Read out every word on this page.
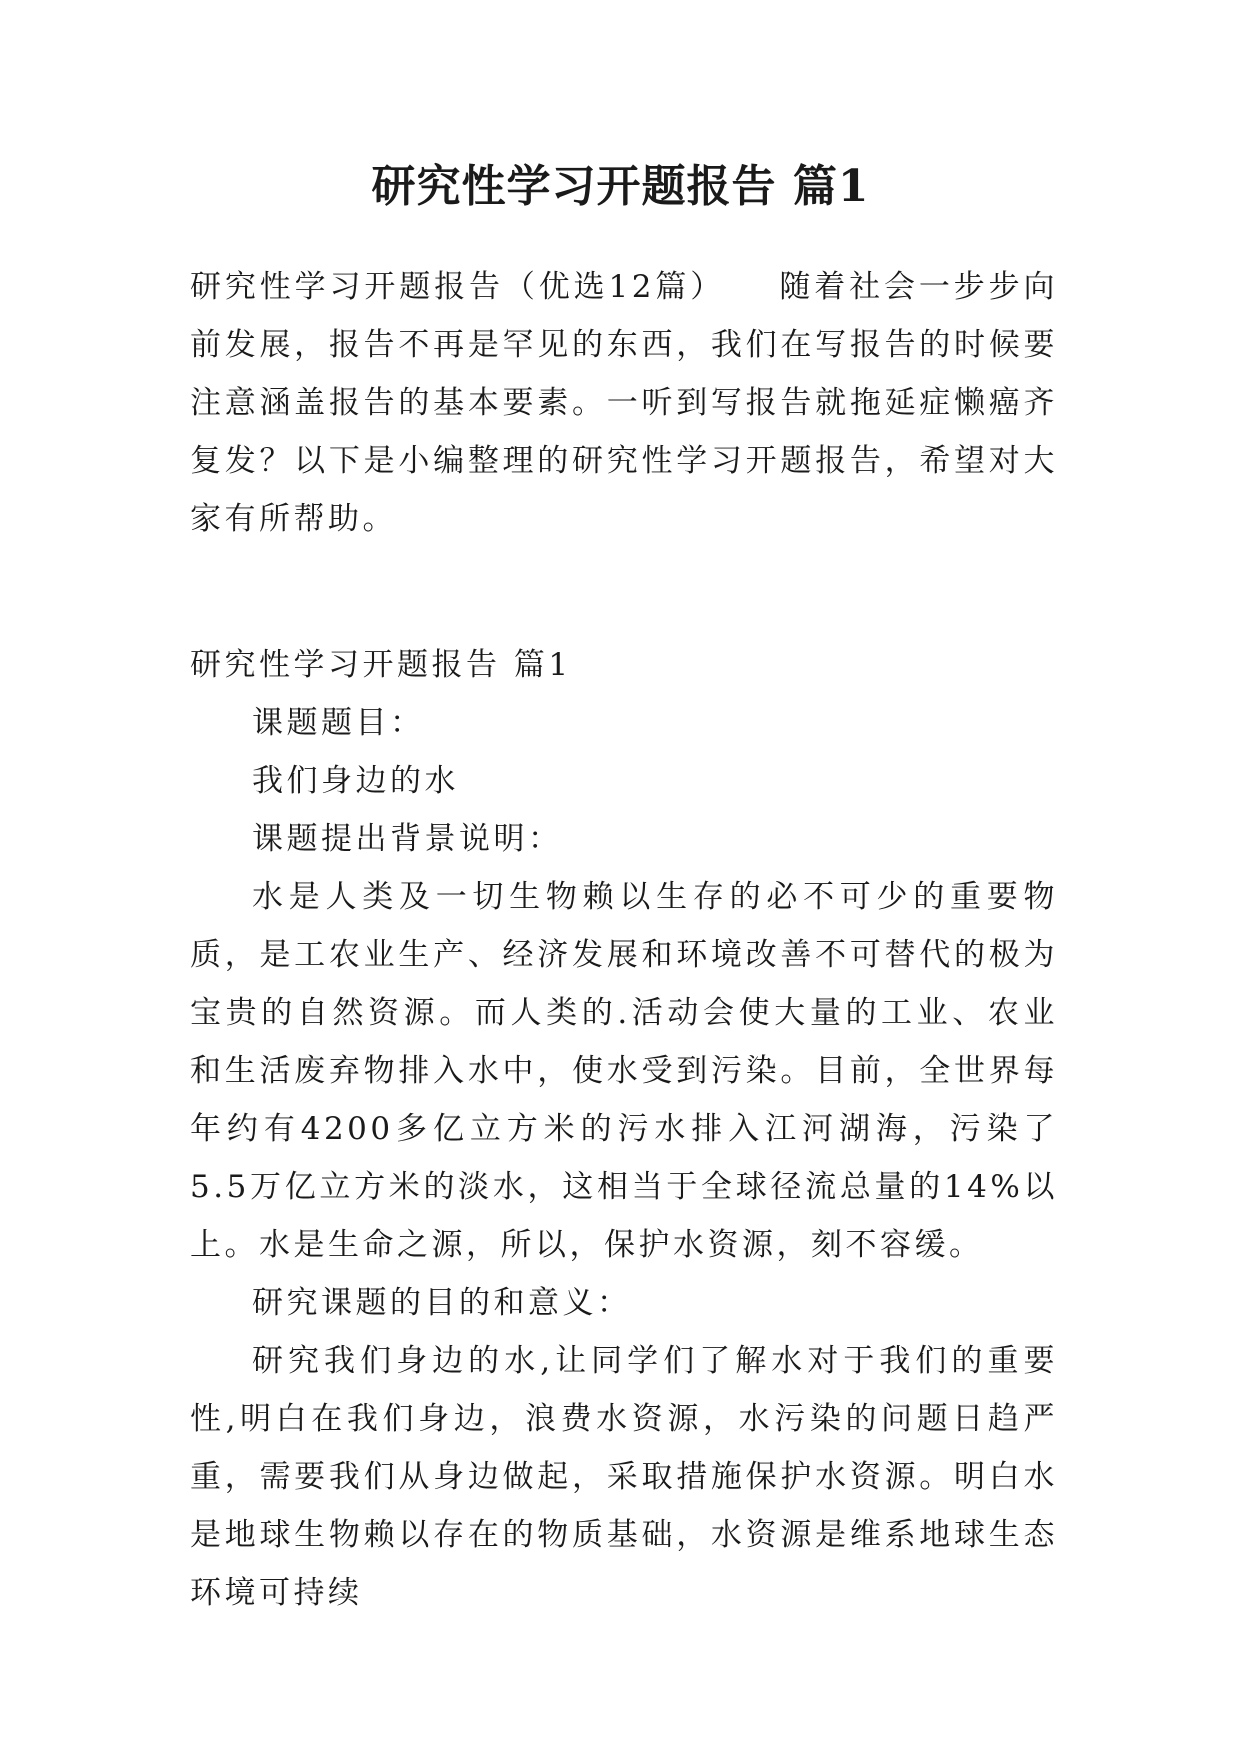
研究性学习开题报告 篇1

研究性学习开题报告（优选12篇）　　随着社会一步步向前发展，报告不再是罕见的东西，我们在写报告的时候要注意涵盖报告的基本要素。一听到写报告就拖延症懒癌齐复发？以下是小编整理的研究性学习开题报告，希望对大家有所帮助。

研究性学习开题报告 篇1

课题题目：

我们身边的水

课题提出背景说明：

水是人类及一切生物赖以生存的必不可少的重要物质，是工农业生产、经济发展和环境改善不可替代的极为宝贵的自然资源。而人类的.活动会使大量的工业、农业和生活废弃物排入水中，使水受到污染。目前，全世界每年约有4200多亿立方米的污水排入江河湖海，污染了5.5万亿立方米的淡水，这相当于全球径流总量的14%以上。水是生命之源，所以，保护水资源，刻不容缓。

研究课题的目的和意义：

研究我们身边的水,让同学们了解水对于我们的重要性,明白在我们身边，浪费水资源，水污染的问题日趋严重，需要我们从身边做起，采取措施保护水资源。明白水是地球生物赖以存在的物质基础，水资源是维系地球生态环境可持续
